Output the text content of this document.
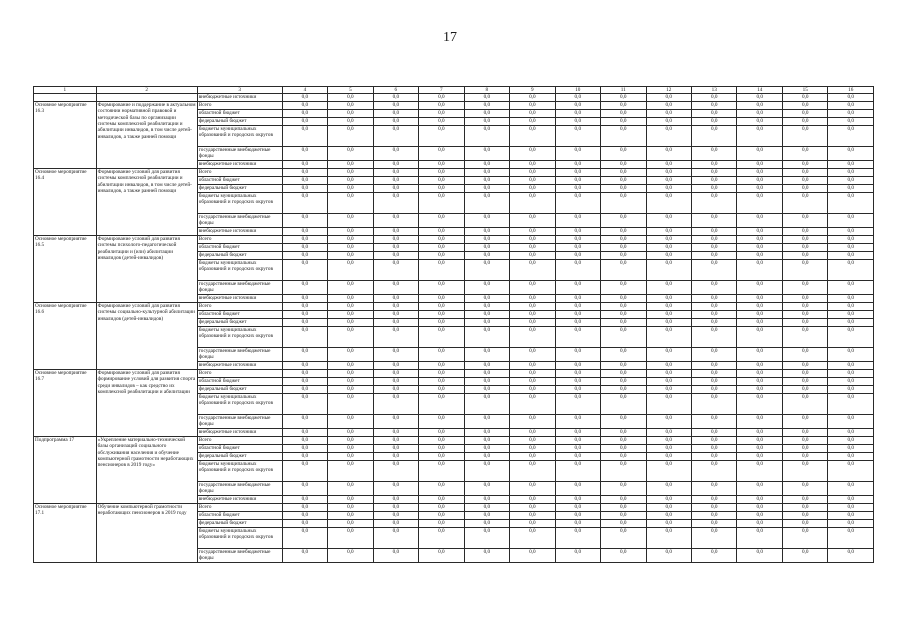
17
1	2	3	4	5	6	7	8	9	10	11	12	13	14	15	16
		внебюджетные источники	0,0	0,0	0,0	0,0	0,0	0,0	0,0	0,0	0,0	0,0	0,0	0,0	0,0
Основное мероприятие 16.3	Формирование и поддержание в актуальном состоянии нормативной правовой и методической базы по организации системы комплексной реабилитации и абилитации инвалидов, в том числе детей-инвалидов, а также ранней помощи	Всего	0,0	0,0	0,0	0,0	0,0	0,0	0,0	0,0	0,0	0,0	0,0	0,0	0,0
		областной бюджет	0,0	0,0	0,0	0,0	0,0	0,0	0,0	0,0	0,0	0,0	0,0	0,0	0,0
		федеральный бюджет	0,0	0,0	0,0	0,0	0,0	0,0	0,0	0,0	0,0	0,0	0,0	0,0	0,0
		бюджеты муниципальных образований и городских округов	0,0	0,0	0,0	0,0	0,0	0,0	0,0	0,0	0,0	0,0	0,0	0,0	0,0
		государственные внебюджетные фонды	0,0	0,0	0,0	0,0	0,0	0,0	0,0	0,0	0,0	0,0	0,0	0,0	0,0
		внебюджетные источники	0,0	0,0	0,0	0,0	0,0	0,0	0,0	0,0	0,0	0,0	0,0	0,0	0,0
Основное мероприятие 16.4	Формирование условий для развития системы комплексной реабилитации и абилитации инвалидов, в том числе детей-инвалидов, а также ранней помощи	Всего	0,0	0,0	0,0	0,0	0,0	0,0	0,0	0,0	0,0	0,0	0,0	0,0	0,0
		областной бюджет	0,0	0,0	0,0	0,0	0,0	0,0	0,0	0,0	0,0	0,0	0,0	0,0	0,0
		федеральный бюджет	0,0	0,0	0,0	0,0	0,0	0,0	0,0	0,0	0,0	0,0	0,0	0,0	0,0
		бюджеты муниципальных образований и городских округов	0,0	0,0	0,0	0,0	0,0	0,0	0,0	0,0	0,0	0,0	0,0	0,0	0,0
		государственные внебюджетные фонды	0,0	0,0	0,0	0,0	0,0	0,0	0,0	0,0	0,0	0,0	0,0	0,0	0,0
		внебюджетные источники	0,0	0,0	0,0	0,0	0,0	0,0	0,0	0,0	0,0	0,0	0,0	0,0	0,0
Основное мероприятие 16.5	Формирование условий для развития системы психолого-педагогической реабилитации и (или) абилитации инвалидов (детей-инвалидов)	Всего	0,0	0,0	0,0	0,0	0,0	0,0	0,0	0,0	0,0	0,0	0,0	0,0	0,0
		областной бюджет	0,0	0,0	0,0	0,0	0,0	0,0	0,0	0,0	0,0	0,0	0,0	0,0	0,0
		федеральный бюджет	0,0	0,0	0,0	0,0	0,0	0,0	0,0	0,0	0,0	0,0	0,0	0,0	0,0
		бюджеты муниципальных образований и городских округов	0,0	0,0	0,0	0,0	0,0	0,0	0,0	0,0	0,0	0,0	0,0	0,0	0,0
		государственные внебюджетные фонды	0,0	0,0	0,0	0,0	0,0	0,0	0,0	0,0	0,0	0,0	0,0	0,0	0,0
		внебюджетные источники	0,0	0,0	0,0	0,0	0,0	0,0	0,0	0,0	0,0	0,0	0,0	0,0	0,0
Основное мероприятие 16.6	Формирование условий для развития системы социально-культурной абилитации инвалидов (детей-инвалидов)	Всего	0,0	0,0	0,0	0,0	0,0	0,0	0,0	0,0	0,0	0,0	0,0	0,0	0,0
		областной бюджет	0,0	0,0	0,0	0,0	0,0	0,0	0,0	0,0	0,0	0,0	0,0	0,0	0,0
		федеральный бюджет	0,0	0,0	0,0	0,0	0,0	0,0	0,0	0,0	0,0	0,0	0,0	0,0	0,0
		бюджеты муниципальных образований и городских округов	0,0	0,0	0,0	0,0	0,0	0,0	0,0	0,0	0,0	0,0	0,0	0,0	0,0
		государственные внебюджетные фонды	0,0	0,0	0,0	0,0	0,0	0,0	0,0	0,0	0,0	0,0	0,0	0,0	0,0
		внебюджетные источники	0,0	0,0	0,0	0,0	0,0	0,0	0,0	0,0	0,0	0,0	0,0	0,0	0,0
Основное мероприятие 16.7	Формирование условий для развития формирование условий для развития спорта среди инвалидов – как средство их комплексной реабилитации и абилитации	Всего	0,0	0,0	0,0	0,0	0,0	0,0	0,0	0,0	0,0	0,0	0,0	0,0	0,0
		областной бюджет	0,0	0,0	0,0	0,0	0,0	0,0	0,0	0,0	0,0	0,0	0,0	0,0	0,0
		федеральный бюджет	0,0	0,0	0,0	0,0	0,0	0,0	0,0	0,0	0,0	0,0	0,0	0,0	0,0
		бюджеты муниципальных образований и городских округов	0,0	0,0	0,0	0,0	0,0	0,0	0,0	0,0	0,0	0,0	0,0	0,0	0,0
		государственные внебюджетные фонды	0,0	0,0	0,0	0,0	0,0	0,0	0,0	0,0	0,0	0,0	0,0	0,0	0,0
		внебюджетные источники	0,0	0,0	0,0	0,0	0,0	0,0	0,0	0,0	0,0	0,0	0,0	0,0	0,0
Подпрограмма 17	«Укрепление материально-технической базы организаций социального обслуживания населения и обучение компьютерной грамотности неработающих пенсионеров в 2019 году»	Всего	0,0	0,0	0,0	0,0	0,0	0,0	0,0	0,0	0,0	0,0	0,0	0,0	0,0
		областной бюджет	0,0	0,0	0,0	0,0	0,0	0,0	0,0	0,0	0,0	0,0	0,0	0,0	0,0
		федеральный бюджет	0,0	0,0	0,0	0,0	0,0	0,0	0,0	0,0	0,0	0,0	0,0	0,0	0,0
		бюджеты муниципальных образований и городских округов	0,0	0,0	0,0	0,0	0,0	0,0	0,0	0,0	0,0	0,0	0,0	0,0	0,0
		государственные внебюджетные фонды	0,0	0,0	0,0	0,0	0,0	0,0	0,0	0,0	0,0	0,0	0,0	0,0	0,0
		внебюджетные источники	0,0	0,0	0,0	0,0	0,0	0,0	0,0	0,0	0,0	0,0	0,0	0,0	0,0
Основное мероприятие 17.1	Обучение компьютерной грамотности неработающих пенсионеров в 2019 году	Всего	0,0	0,0	0,0	0,0	0,0	0,0	0,0	0,0	0,0	0,0	0,0	0,0	0,0
		областной бюджет	0,0	0,0	0,0	0,0	0,0	0,0	0,0	0,0	0,0	0,0	0,0	0,0	0,0
		федеральный бюджет	0,0	0,0	0,0	0,0	0,0	0,0	0,0	0,0	0,0	0,0	0,0	0,0	0,0
		бюджеты муниципальных образований и городских округов	0,0	0,0	0,0	0,0	0,0	0,0	0,0	0,0	0,0	0,0	0,0	0,0	0,0
		государственные внебюджетные фонды	0,0	0,0	0,0	0,0	0,0	0,0	0,0	0,0	0,0	0,0	0,0	0,0	0,0
